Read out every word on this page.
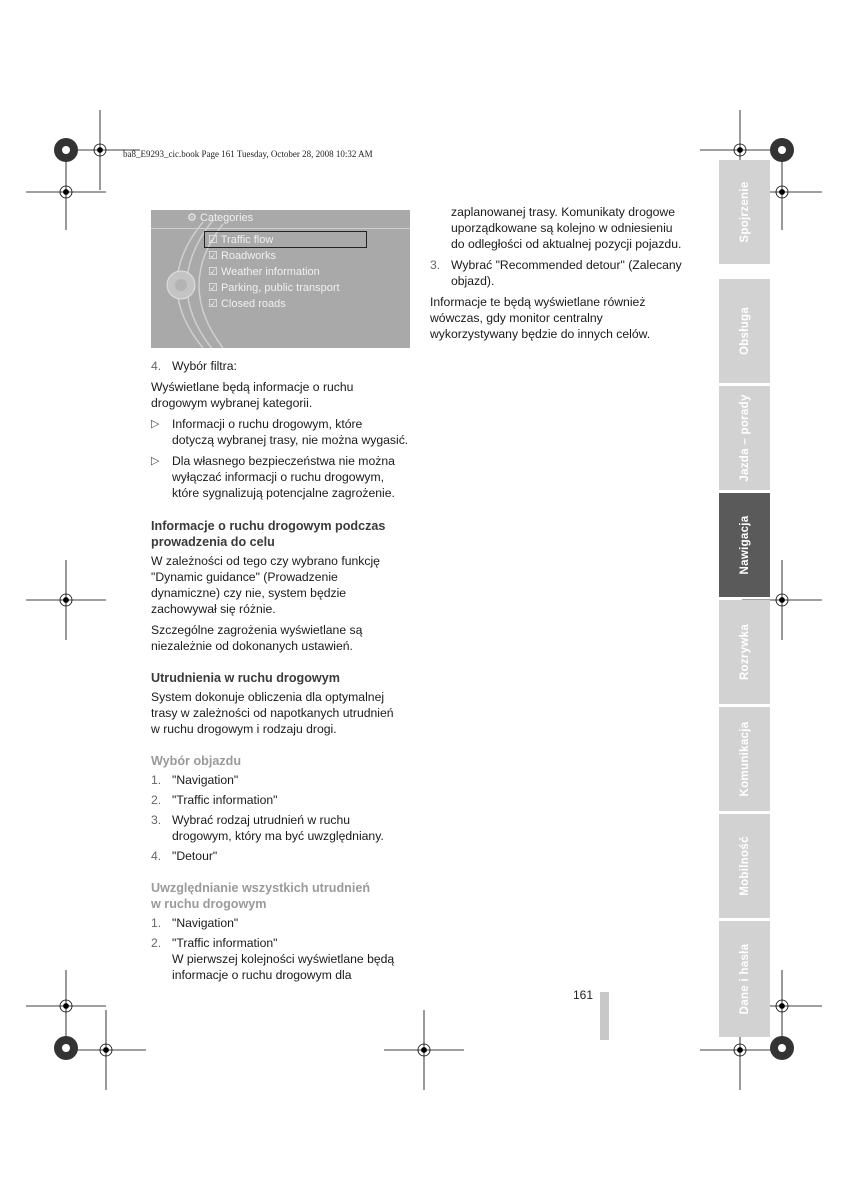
ba8_E9293_cic.book Page 161 Tuesday, October 28, 2008 10:32 AM
⚙ Categories
☑ Traffic flow
☑ Roadworks
☑ Weather information
☑ Parking, public transport
☑ Closed roads
4. Wybór filtra:

Wyświetlane będą informacje o ruchu
drogowym wybranej kategorii.

▷ Informacji o ruchu drogowym, które
dotyczą wybranej trasy, nie można wygasić.
▷ Dla własnego bezpieczeństwa nie można
wyłączać informacji o ruchu drogowym,
które sygnalizują potencjalne zagrożenie.

Informacje o ruchu drogowym podczas
prowadzenia do celu

W zależności od tego czy wybrano funkcję
"Dynamic guidance" (Prowadzenie
dynamiczne) czy nie, system będzie
zachowywał się różnie.

Szczególne zagrożenia wyświetlane są
niezależnie od dokonanych ustawień.

Utrudnienia w ruchu drogowym

System dokonuje obliczenia dla optymalnej
trasy w zależności od napotkanych utrudnień
w ruchu drogowym i rodzaju drogi.

Wybór objazdu

1. "Navigation"
2. "Traffic information"
3. Wybrać rodzaj utrudnień w ruchu
drogowym, który ma być uwzględniany.
4. "Detour"

Uwzględnianie wszystkich utrudnień
w ruchu drogowym

1. "Navigation"
2. "Traffic information"
W pierwszej kolejności wyświetlane będą
informacje o ruchu drogowym dla

zaplanowanej trasy. Komunikaty drogowe
uporządkowane są kolejno w odniesieniu
do odległości od aktualnej pozycji pojazdu.

3. Wybrać "Recommended detour" (Zalecany
objazd).

Informacje te będą wyświetlane również
wówczas, gdy monitor centralny
wykorzystywany będzie do innych celów.

161
Spojrzenie
Obsługa
Jazda – porady
Nawigacja
Rozrywka
Komunikacja
Mobilność
Dane i hasła
